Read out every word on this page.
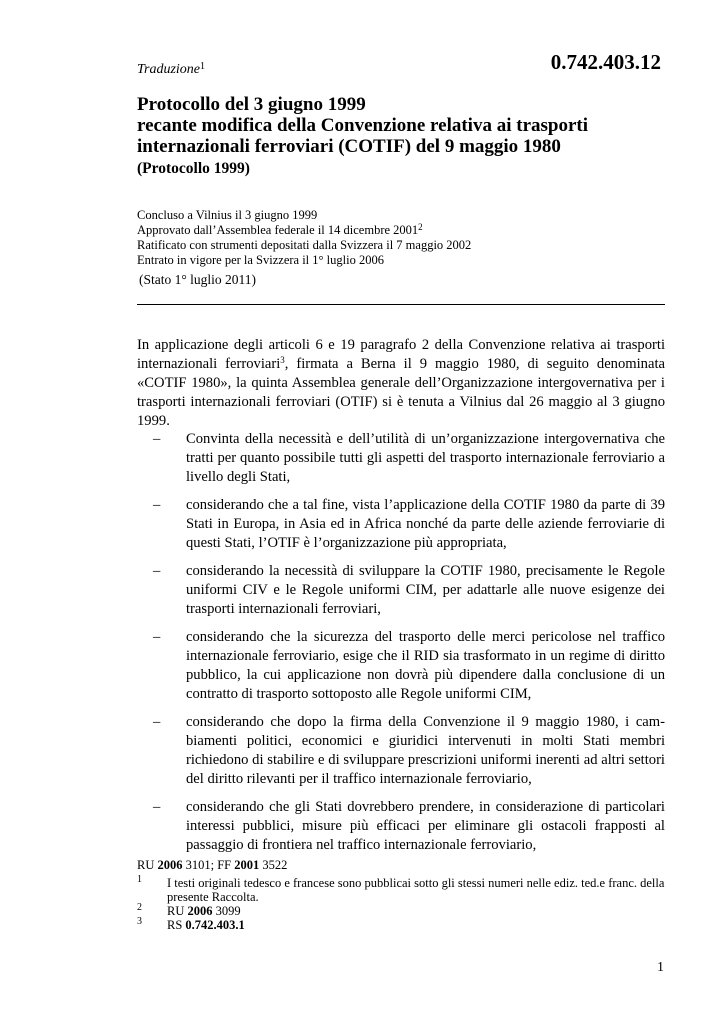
Traduzione$^1$	0.742.403.12
Protocollo del 3 giugno 1999
recante modifica della Convenzione relativa ai trasporti
internazionali ferroviari (COTIF) del 9 maggio 1980
(Protocollo 1999)
Concluso a Vilnius il 3 giugno 1999
Approvato dall’Assemblea federale il 14 dicembre 2001$^2$
Ratificato con strumenti depositati dalla Svizzera il 7 maggio 2002
Entrato in vigore per la Svizzera il 1° luglio 2006
(Stato 1° luglio 2011)
In applicazione degli articoli 6 e 19 paragrafo 2 della Convenzione relativa ai trasporti internazionali ferroviari$^3$, firmata a Berna il 9 maggio 1980, di seguito denominata «COTIF 1980», la quinta Assemblea generale dell’Organizzazione intergovernativa per i trasporti internazionali ferroviari (OTIF) si è tenuta a Vilnius dal 26 maggio al 3 giugno 1999.
– Convinta della necessità e dell’utilità di un’organizzazione intergovernativa che tratti per quanto possibile tutti gli aspetti del trasporto internazionale ferroviario a livello degli Stati,
– considerando che a tal fine, vista l’applicazione della COTIF 1980 da parte di 39 Stati in Europa, in Asia ed in Africa nonché da parte delle aziende ferroviarie di questi Stati, l’OTIF è l’organizzazione più appropriata,
– considerando la necessità di sviluppare la COTIF 1980, precisamente le Regole uniformi CIV e le Regole uniformi CIM, per adattarle alle nuove esigenze dei trasporti internazionali ferroviari,
– considerando che la sicurezza del trasporto delle merci pericolose nel traffico internazionale ferroviario, esige che il RID sia trasformato in un regime di diritto pubblico, la cui applicazione non dovrà più dipendere dalla conclusione di un contratto di trasporto sottoposto alle Regole uniformi CIM,
– considerando che dopo la firma della Convenzione il 9 maggio 1980, i cambiamenti politici, economici e giuridici intervenuti in molti Stati membri richiedono di stabilire e di sviluppare prescrizioni uniformi inerenti ad altri settori del diritto rilevanti per il traffico internazionale ferroviario,
– considerando che gli Stati dovrebbero prendere, in considerazione di particolari interessi pubblici, misure più efficaci per eliminare gli ostacoli frapposti al passaggio di frontiera nel traffico internazionale ferroviario,
RU 2006 3101; FF 2001 3522
1 I testi originali tedesco e francese sono pubblicai sotto gli stessi numeri nelle ediz. ted.e franc. della presente Raccolta.
2 RU 2006 3099
3 RS 0.742.403.1
1
